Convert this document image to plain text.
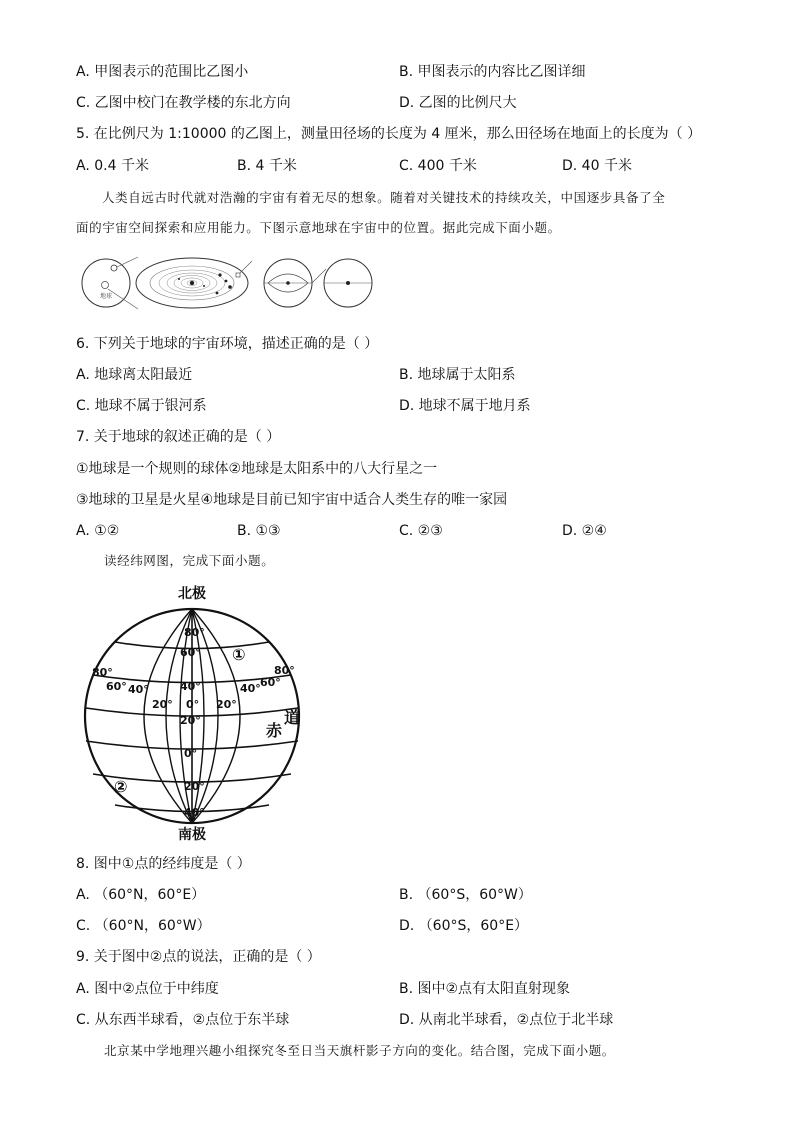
A. 甲图表示的范围比乙图小	B. 甲图表示的内容比乙图详细
C. 乙图中校门在教学楼的东北方向	D. 乙图的比例尺大
5. 在比例尺为 1:10000 的乙图上，测量田径场的长度为 4 厘米，那么田径场在地面上的长度为（ ）
A. 0.4 千米	B. 4 千米	C. 400 千米	D. 40 千米
人类自远古时代就对浩瀚的宇宙有着无尽的想象。随着对关键技术的持续攻关，中国逐步具备了全
面的宇宙空间探索和应用能力。下图示意地球在宇宙中的位置。据此完成下面小题。
地球
6. 下列关于地球的宇宙环境，描述正确的是（ ）
A. 地球离太阳最近	B. 地球属于太阳系
C. 地球不属于银河系	D. 地球不属于地月系
7. 关于地球的叙述正确的是（ ）
①地球是一个规则的球体②地球是太阳系中的八大行星之一
③地球的卫星是火星④地球是目前已知宇宙中适合人类生存的唯一家园
A. ①②	B. ①③	C. ②③	D. ②④
读经纬网图，完成下面小题。
北极
南极
80°
60°
40°
20°
0°
20°
40°
80°
60° 40°
20° 0° 20°
40° 60°
80°
赤
道
①
②
8. 图中①点的经纬度是（ ）
A. （60°N，60°E）	B. （60°S，60°W）
C. （60°N，60°W）	D. （60°S，60°E）
9. 关于图中②点的说法，正确的是（ ）
A. 图中②点位于中纬度	B. 图中②点有太阳直射现象
C. 从东西半球看，②点位于东半球	D. 从南北半球看，②点位于北半球
北京某中学地理兴趣小组探究冬至日当天旗杆影子方向的变化。结合图，完成下面小题。
